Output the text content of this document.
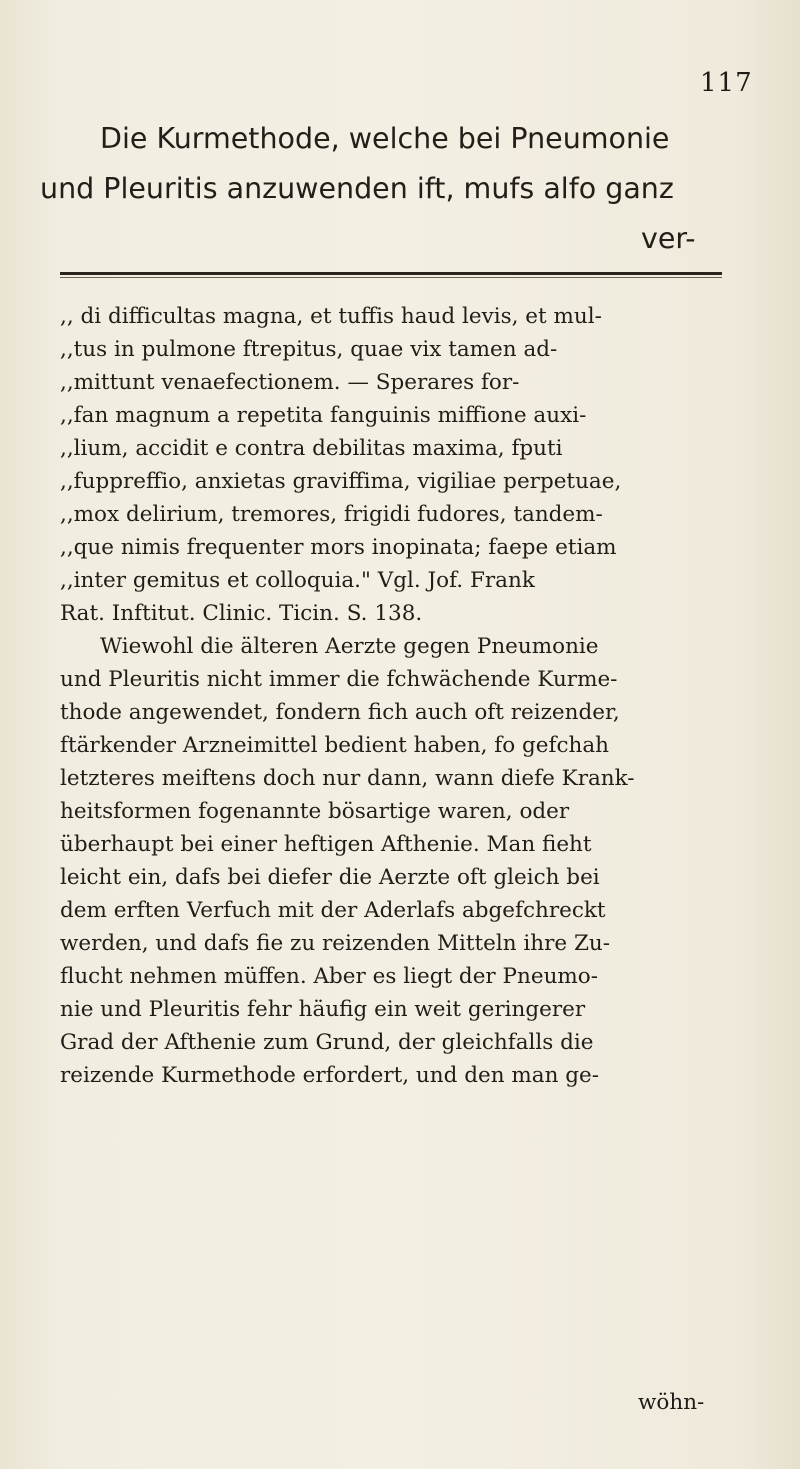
117
Die Kurmethode, welche bei Pneumonie
und Pleuritis anzuwenden ift, mufs alfo ganz
ver-
,, di difficultas magna, et tuffis haud levis, et mul-
,,tus in pulmone ftrepitus, quae vix tamen ad-
,,mittunt venaefectionem. — Sperares for-
,,fan magnum a repetita fanguinis miffione auxi-
,,lium, accidit e contra debilitas maxima, fputi
,,fuppreffio, anxietas graviffima, vigiliae perpetuae,
,,mox delirium, tremores, frigidi fudores, tandem-
,,que nimis frequenter mors inopinata; faepe etiam
,,inter gemitus et colloquia." Vgl. Jof. Frank
Rat. Inftitut. Clinic. Ticin. S. 138.
Wiewohl die älteren Aerzte gegen Pneumonie
und Pleuritis nicht immer die fchwächende Kurme-
thode angewendet, fondern fich auch oft reizender,
ftärkender Arzneimittel bedient haben, fo gefchah
letzteres meiftens doch nur dann, wann diefe Krank-
heitsformen fogenannte bösartige waren, oder
überhaupt bei einer heftigen Afthenie. Man fieht
leicht ein, dafs bei diefer die Aerzte oft gleich bei
dem erften Verfuch mit der Aderlafs abgefchreckt
werden, und dafs fie zu reizenden Mitteln ihre Zu-
flucht nehmen müffen. Aber es liegt der Pneumo-
nie und Pleuritis fehr häufig ein weit geringerer
Grad der Afthenie zum Grund, der gleichfalls die
reizende Kurmethode erfordert, und den man ge-
wöhn-
